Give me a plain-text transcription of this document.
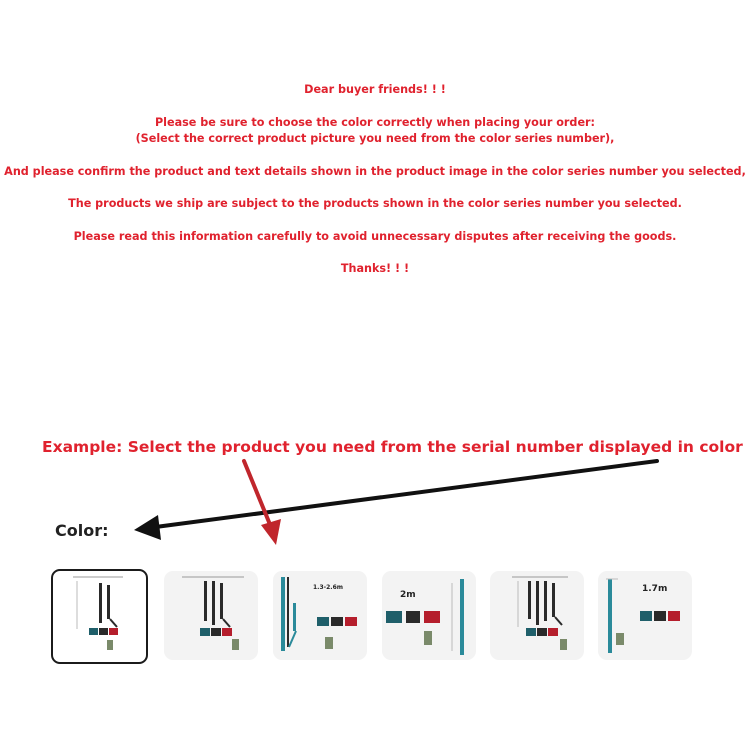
Dear buyer friends! ! !
Please be sure to choose the color correctly when placing your order:
(Select the correct product picture you need from the color series number),
And please confirm the product and text details shown in the product image in the color series number you selected,
The products we ship are subject to the products shown in the color series number you selected.
Please read this information carefully to avoid unnecessary disputes after receiving the goods.
Thanks! ! !
Example: Select the product you need from the serial number displayed in color
Color:
1.3-2.6m
2m
1.7m
